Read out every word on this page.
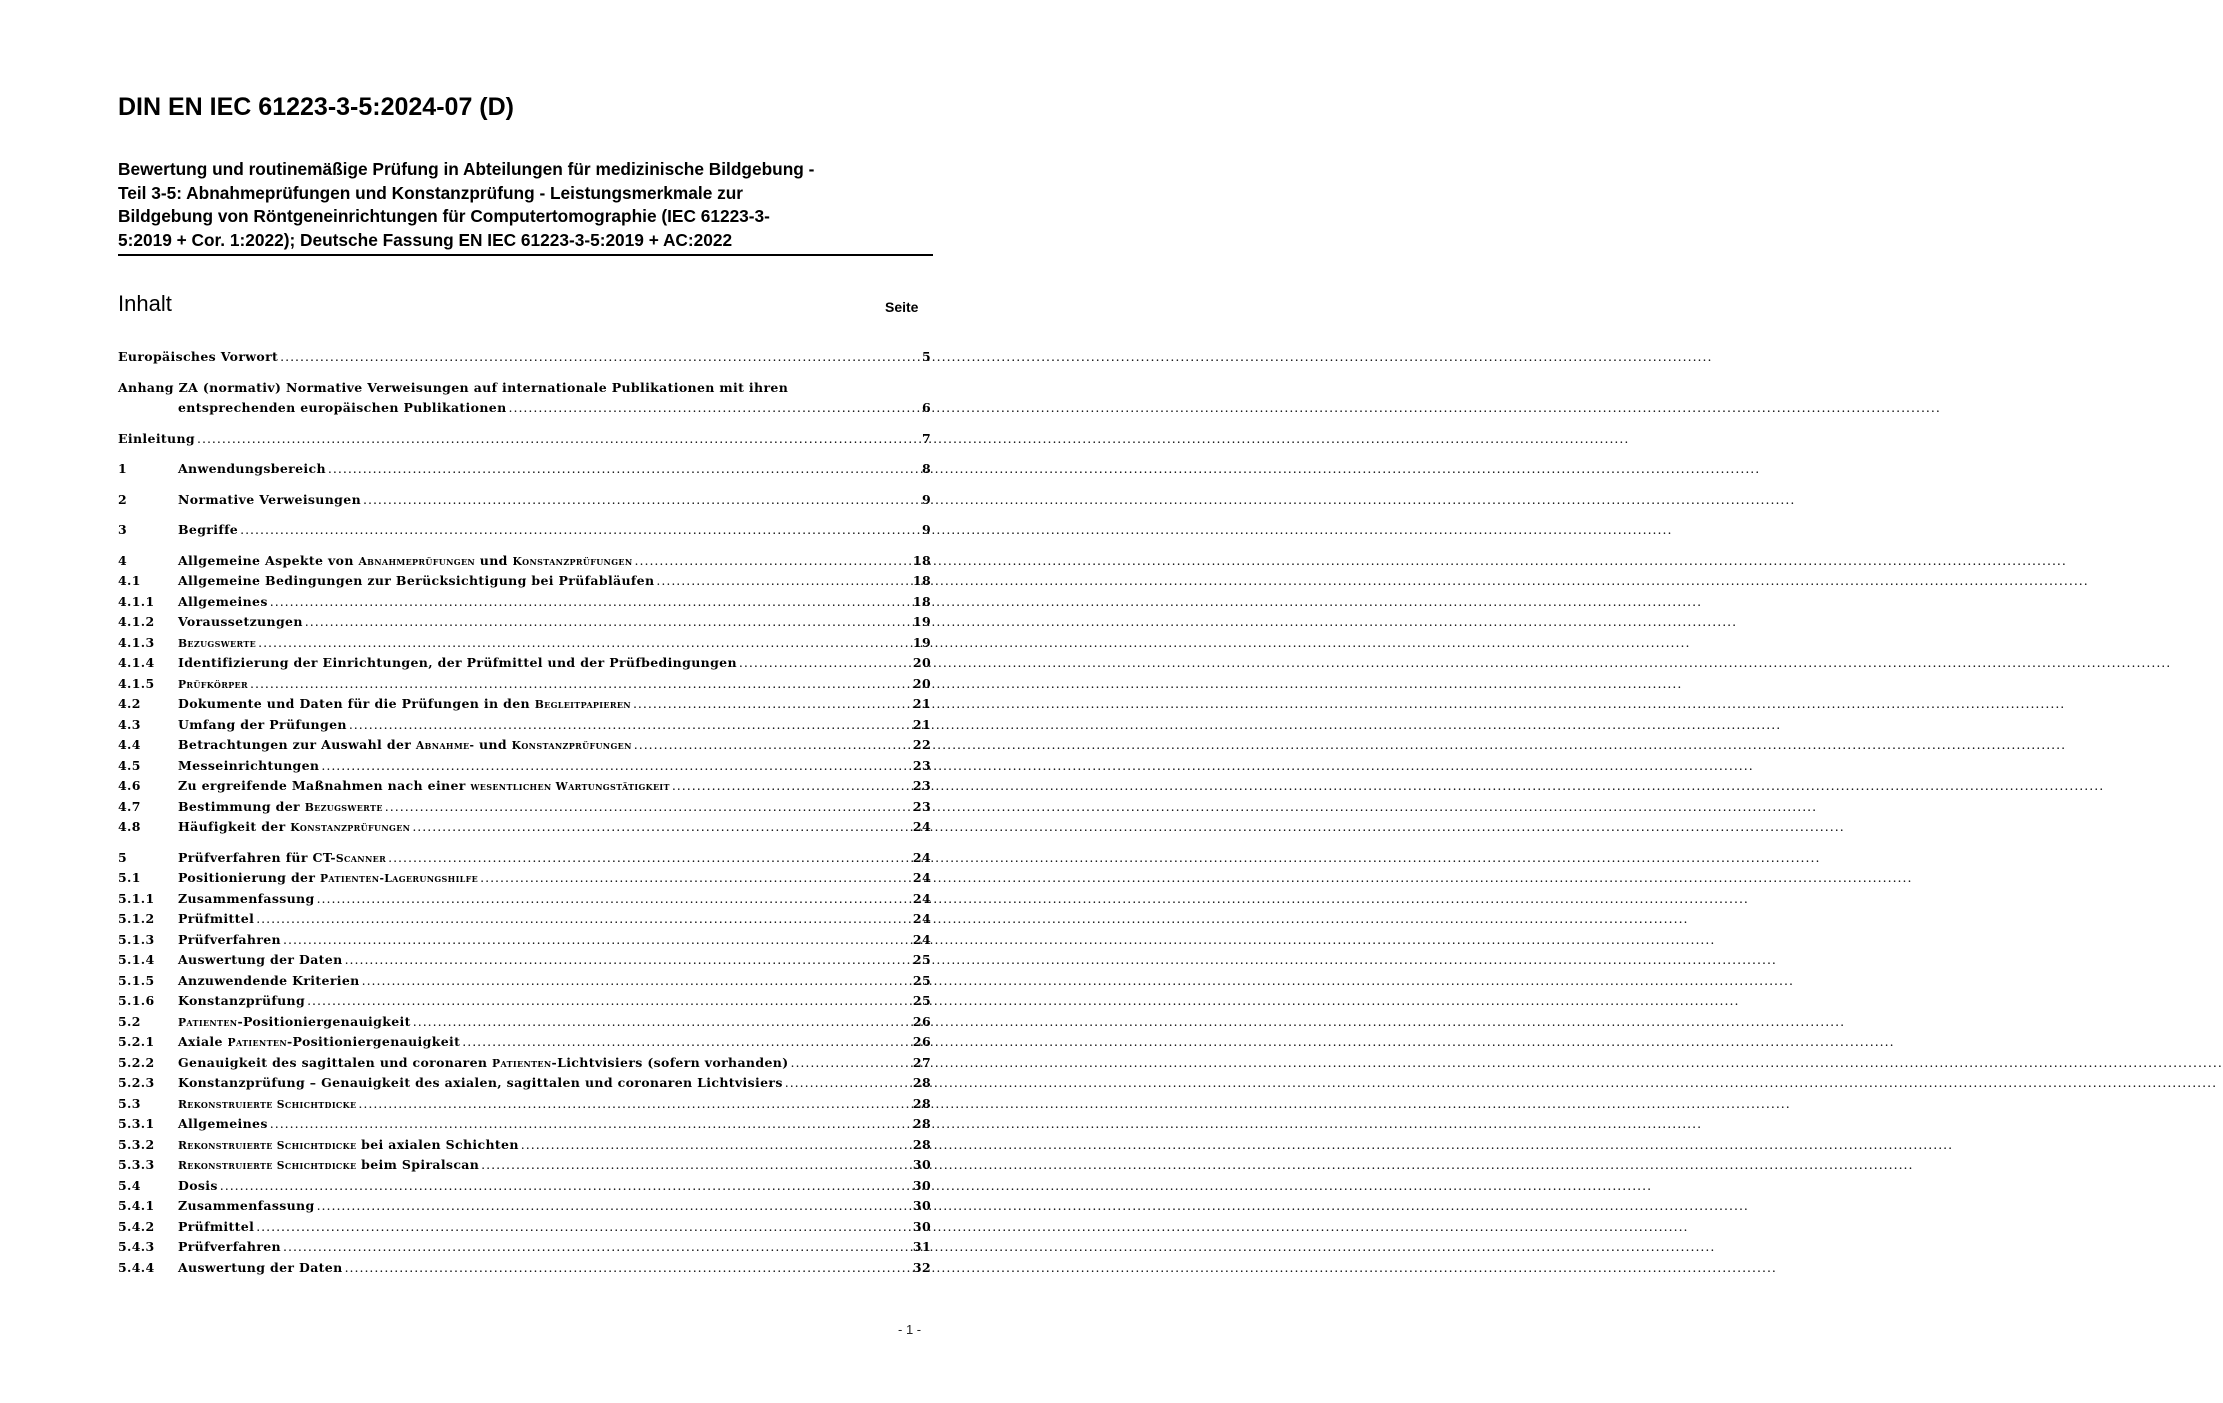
DIN EN IEC 61223-3-5:2024-07 (D)
Bewertung und routinemäßige Prüfung in Abteilungen für medizinische Bildgebung -
Teil 3-5: Abnahmeprüfungen und Konstanzprüfung - Leistungsmerkmale zur
Bildgebung von Röntgeneinrichtungen für Computertomographie (IEC 61223-3-
5:2019 + Cor. 1:2022); Deutsche Fassung EN IEC 61223-3-5:2019 + AC:2022
Inhalt	Seite
Europäisches Vorwort .....	5
Anhang ZA (normativ) Normative Verweisungen auf internationale Publikationen mit ihren
entsprechenden europäischen Publikationen .....	6
Einleitung .....	7
1	Anwendungsbereich .....	8
2	Normative Verweisungen .....	9
3	Begriffe .....	9
4	Allgemeine Aspekte von Abnahmeprüfungen und Konstanzprüfungen .....	18
4.1	Allgemeine Bedingungen zur Berücksichtigung bei Prüfabläufen .....	18
4.1.1 Allgemeines .....	18
4.1.2 Voraussetzungen .....	19
4.1.3 Bezugswerte .....	19
4.1.4 Identifizierung der Einrichtungen, der Prüfmittel und der Prüfbedingungen .....	20
4.1.5 Prüfkörper .....	20
4.2	Dokumente und Daten für die Prüfungen in den Begleitpapieren .....	21
4.3	Umfang der Prüfungen .....	21
4.4	Betrachtungen zur Auswahl der Abnahme- und Konstanzprüfungen .....	22
4.5	Messeinrichtungen .....	23
4.6	Zu ergreifende Maßnahmen nach einer wesentlichen Wartungstätigkeit .....	23
4.7	Bestimmung der Bezugswerte .....	23
4.8	Häufigkeit der Konstanzprüfungen .....	24
5	Prüfverfahren für CT-Scanner .....	24
5.1	Positionierung der Patienten-Lagerungshilfe .....	24
5.1.1 Zusammenfassung .....	24
5.1.2 Prüfmittel .....	24
5.1.3 Prüfverfahren .....	24
5.1.4 Auswertung der Daten .....	25
5.1.5 Anzuwendende Kriterien .....	25
5.1.6 Konstanzprüfung .....	25
5.2	Patienten-Positioniergenauigkeit .....	26
5.2.1 Axiale Patienten-Positioniergenauigkeit .....	26
5.2.2 Genauigkeit des sagittalen und coronaren Patienten-Lichtvisiers (sofern vorhanden) .....	27
5.2.3 Konstanzprüfung – Genauigkeit des axialen, sagittalen und coronaren Lichtvisiers .....	28
5.3	Rekonstruierte Schichtdicke .....	28
5.3.1 Allgemeines .....	28
5.3.2 Rekonstruierte Schichtdicke bei axialen Schichten .....	28
5.3.3 Rekonstruierte Schichtdicke beim Spiralscan .....	30
5.4	Dosis .....	30
5.4.1 Zusammenfassung .....	30
5.4.2 Prüfmittel .....	30
5.4.3 Prüfverfahren .....	31
5.4.4 Auswertung der Daten .....	32
- 1 -
